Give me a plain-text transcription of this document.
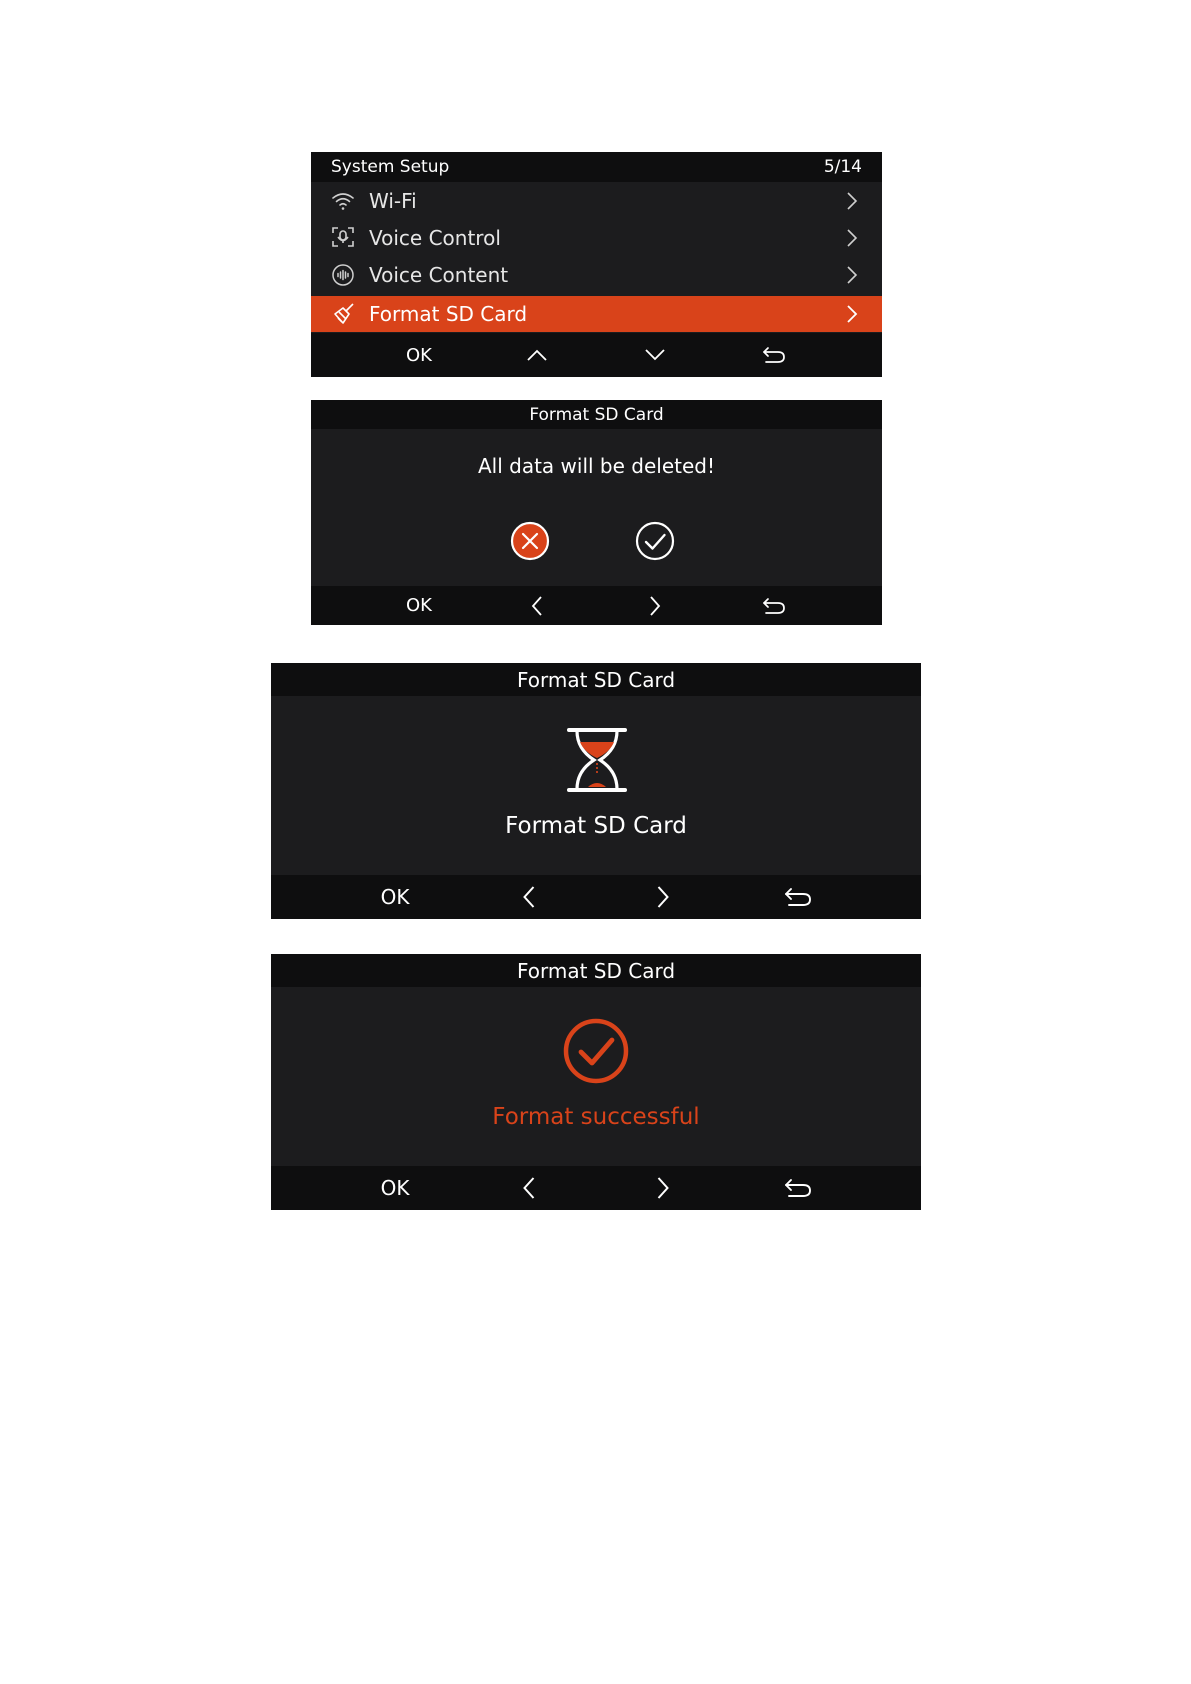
System Setup	5/14
Wi-Fi
Voice Control
Voice Content
Format SD Card
OK
Format SD Card
All data will be deleted!
OK
Format SD Card
Format SD Card
OK
Format SD Card
Format successful
OK
